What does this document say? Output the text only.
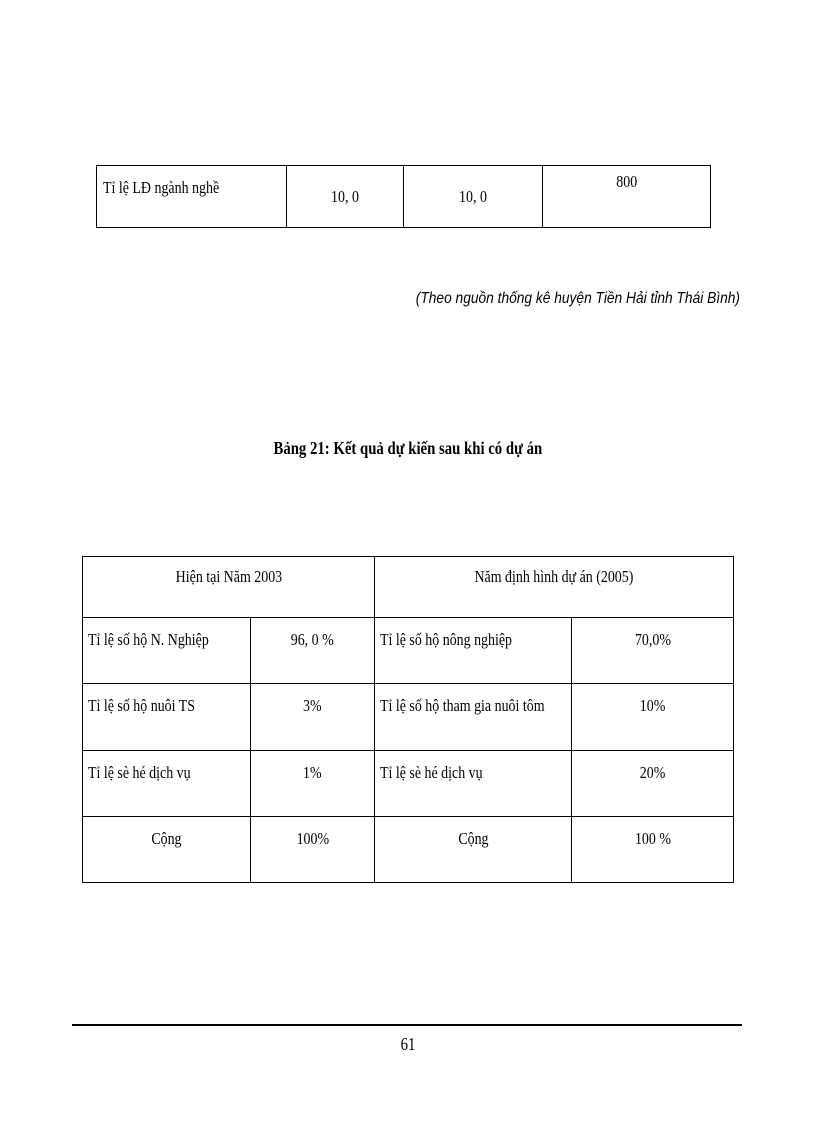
Tỉ lệ LĐ ngành nghề	10, 0	10, 0	800
(Theo nguồn thống kê huyện Tiền Hải tỉnh Thái Bình)
Bảng 21: Kết quả dự kiến sau khi có dự án
Hiện tại Năm 2003		Năm định hình dự án (2005)	
Tỉ lệ số hộ N. Nghiệp	96, 0 %	Tỉ lệ số hộ nông nghiệp	70,0%
Tỉ lệ số hộ nuôi TS	3%	Tỉ lệ số hộ tham gia nuôi tôm	10%
Tỉ lệ sè hé dịch vụ	1%	Tỉ lệ sè hé dịch vụ	20%
Cộng	100%	Cộng	100 %
61
